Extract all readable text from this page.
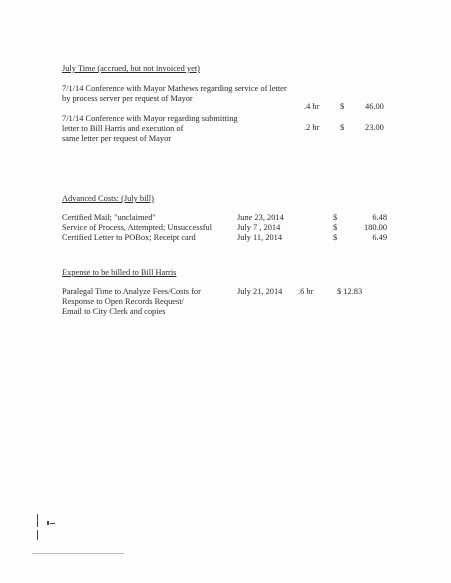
July Time (accrued, but not invoiced yet)
7/1/14 Conference with Mayor Mathews regarding service of letter
by process server per request of Mayor
.4 hr $ 46.00
7/1/14 Conference with Mayor regarding submitting
letter to Bill Harris and execution of
same letter per request of Mayor
.2 hr $ 23.00
Advanced Costs: (July bill)
Certified Mail; "unclaimed"	June 23, 2014	$	6.48
Service of Process, Attempted; Unsuccessful	July 7 , 2014	$	180.00
Certified Letter to POBox; Receipt card	July 11, 2014	$	6.49
Expense to be billed to Bill Harris
Paralegal Time to Analyze Fees/Costs for
Response to Open Records Request/
Email to City Clerk and copies
July 21, 2014 .6 hr	$ 12.83
